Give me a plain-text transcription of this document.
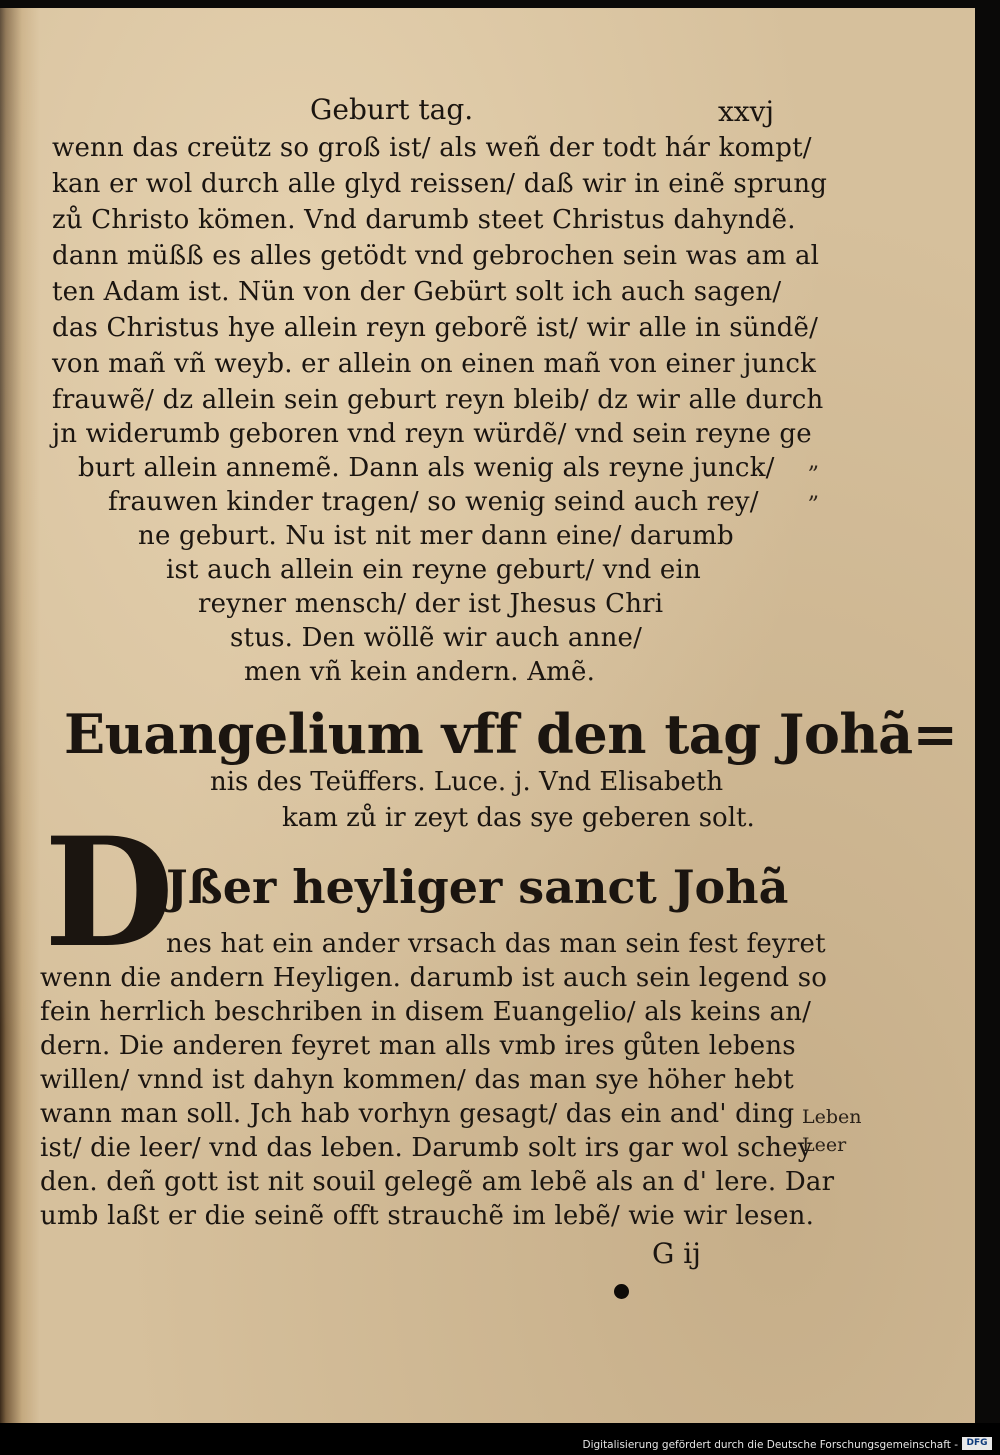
Geburt tag.	xxvj
wenn das creütz so groß ist/ als weñ der todt hár kompt/
kan er wol durch alle glyd reissen/ daß wir in einẽ sprung
zů Christo kömen. Vnd darumb steet Christus dahyndẽ.
dann müßß es alles getödt vnd gebrochen sein was am al
ten Adam ist. Nün von der Gebürt solt ich auch sagen/
das Christus hye allein reyn geborẽ ist/ wir alle in sündẽ/
von mañ vñ weyb. er allein on einen mañ von einer junck
frauwẽ/ dz allein sein geburt reyn bleib/ dz wir alle durch
jn widerumb geboren vnd reyn würdẽ/ vnd sein reyne ge
burt allein annemẽ. Dann als wenig als reyne junck/
frauwen kinder tragen/ so wenig seind auch rey/
ne geburt. Nu ist nit mer dann eine/ darumb
ist auch allein ein reyne geburt/ vnd ein
reyner mensch/ der ist Jhesus Chri
stus. Den wöllẽ wir auch anne/
men vñ kein andern. Amẽ.
„
„
Euangelium vff den tag Johã=
nis des Teüffers. Luce. j. Vnd Elisabeth
kam zů ir zeyt das sye geberen solt.
D
Jßer heyliger sanct Johã
nes hat ein ander vrsach das man sein fest feyret
wenn die andern Heyligen. darumb ist auch sein legend so
fein herrlich beschriben in disem Euangelio/ als keins an/
dern. Die anderen feyret man alls vmb ires gůten lebens
willen/ vnnd ist dahyn kommen/ das man sye höher hebt
wann man soll. Jch hab vorhyn gesagt/ das ein and' ding
ist/ die leer/ vnd das leben. Darumb solt irs gar wol schey
den. deñ gott ist nit souil gelegẽ am lebẽ als an d' lere. Dar
umb laßt er die seinẽ offt strauchẽ im lebẽ/ wie wir lesen.
Leben
Leer
G ij
Digitalisierung gefördert durch die Deutsche Forschungsgemeinschaft - DFG
